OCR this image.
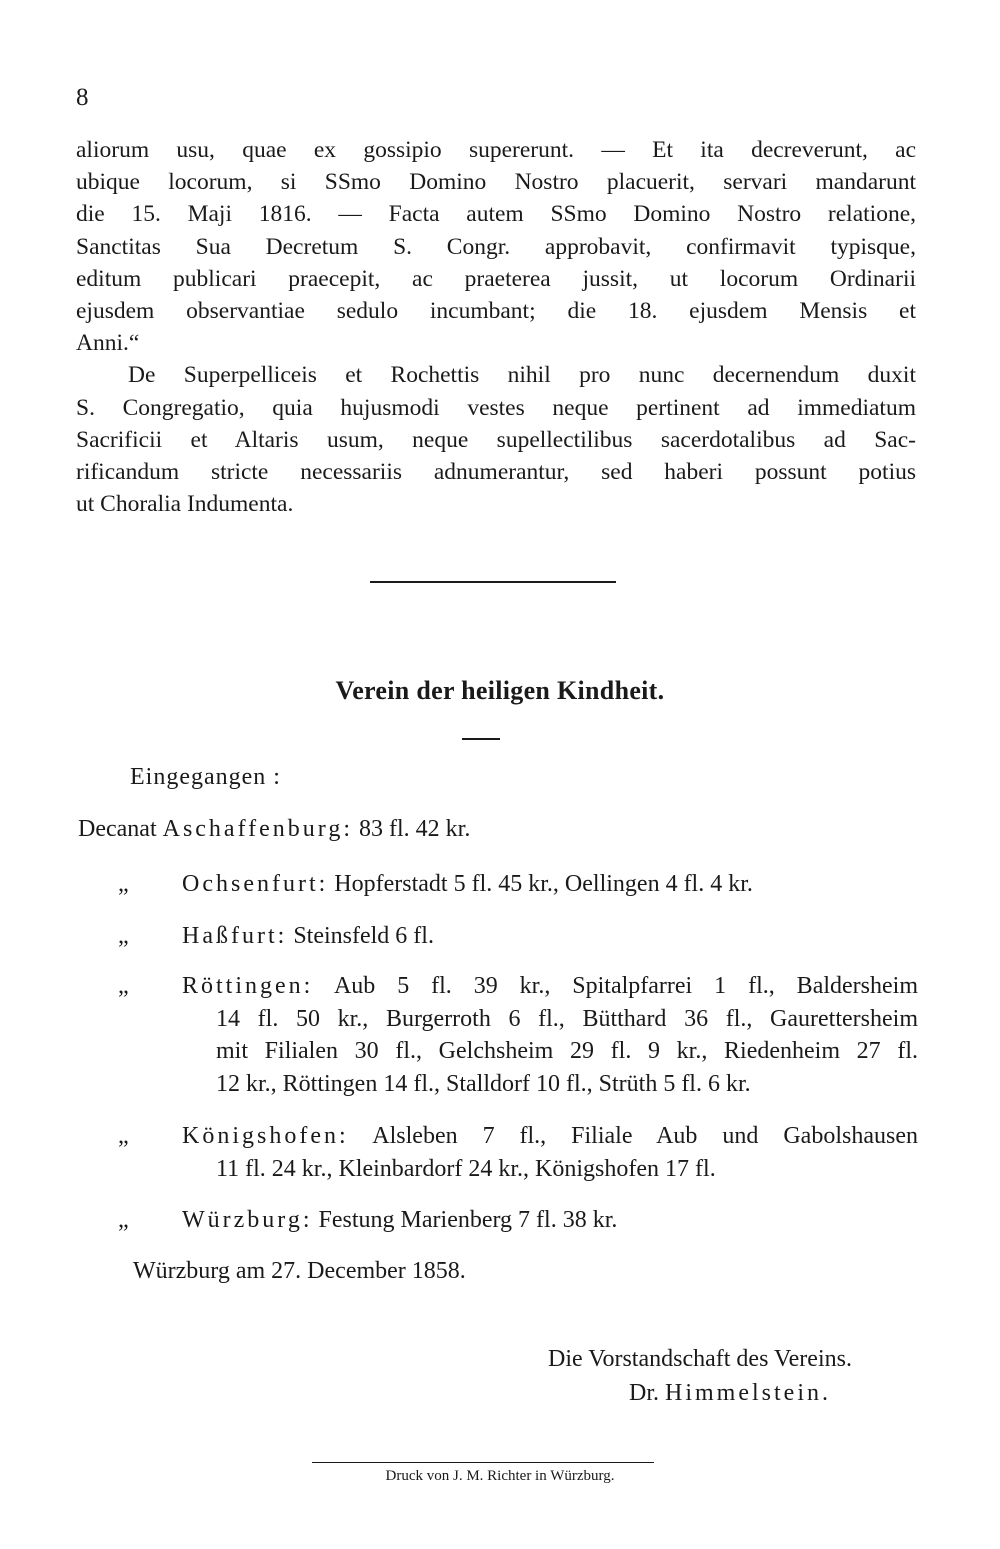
8
aliorum usu, quae ex gossipio supererunt. — Et ita decreverunt, ac
ubique locorum, si SSmo Domino Nostro placuerit, servari mandarunt
die 15. Maji 1816. — Facta autem SSmo Domino Nostro relatione,
Sanctitas Sua Decretum S. Congr. approbavit, confirmavit typisque,
editum publicari praecepit, ac praeterea jussit, ut locorum Ordinarii
ejusdem observantiae sedulo incumbant; die 18. ejusdem Mensis et
Anni.“
De Superpelliceis et Rochettis nihil pro nunc decernendum duxit
S. Congregatio, quia hujusmodi vestes neque pertinent ad immediatum
Sacrificii et Altaris usum, neque supellectilibus sacerdotalibus ad Sac-
rificandum stricte necessariis adnumerantur, sed haberi possunt potius
ut Choralia Indumenta.
Verein der heiligen Kindheit.
Eingegangen :
Decanat Aschaffenburg: 83 fl. 42 kr.
„ Ochsenfurt: Hopferstadt 5 fl. 45 kr., Oellingen 4 fl. 4 kr.
„ Haßfurt: Steinsfeld 6 fl.
„ Röttingen: Aub 5 fl. 39 kr., Spitalpfarrei 1 fl., Baldersheim
14 fl. 50 kr., Burgerroth 6 fl., Bütthard 36 fl., Gaurettersheim
mit Filialen 30 fl., Gelchsheim 29 fl. 9 kr., Riedenheim 27 fl.
12 kr., Röttingen 14 fl., Stalldorf 10 fl., Strüth 5 fl. 6 kr.
„ Königshofen: Alsleben 7 fl., Filiale Aub und Gabolshausen
11 fl. 24 kr., Kleinbardorf 24 kr., Königshofen 17 fl.
„ Würzburg: Festung Marienberg 7 fl. 38 kr.
Würzburg am 27. December 1858.
Die Vorstandschaft des Vereins.
Dr. Himmelstein.
Druck von J. M. Richter in Würzburg.
